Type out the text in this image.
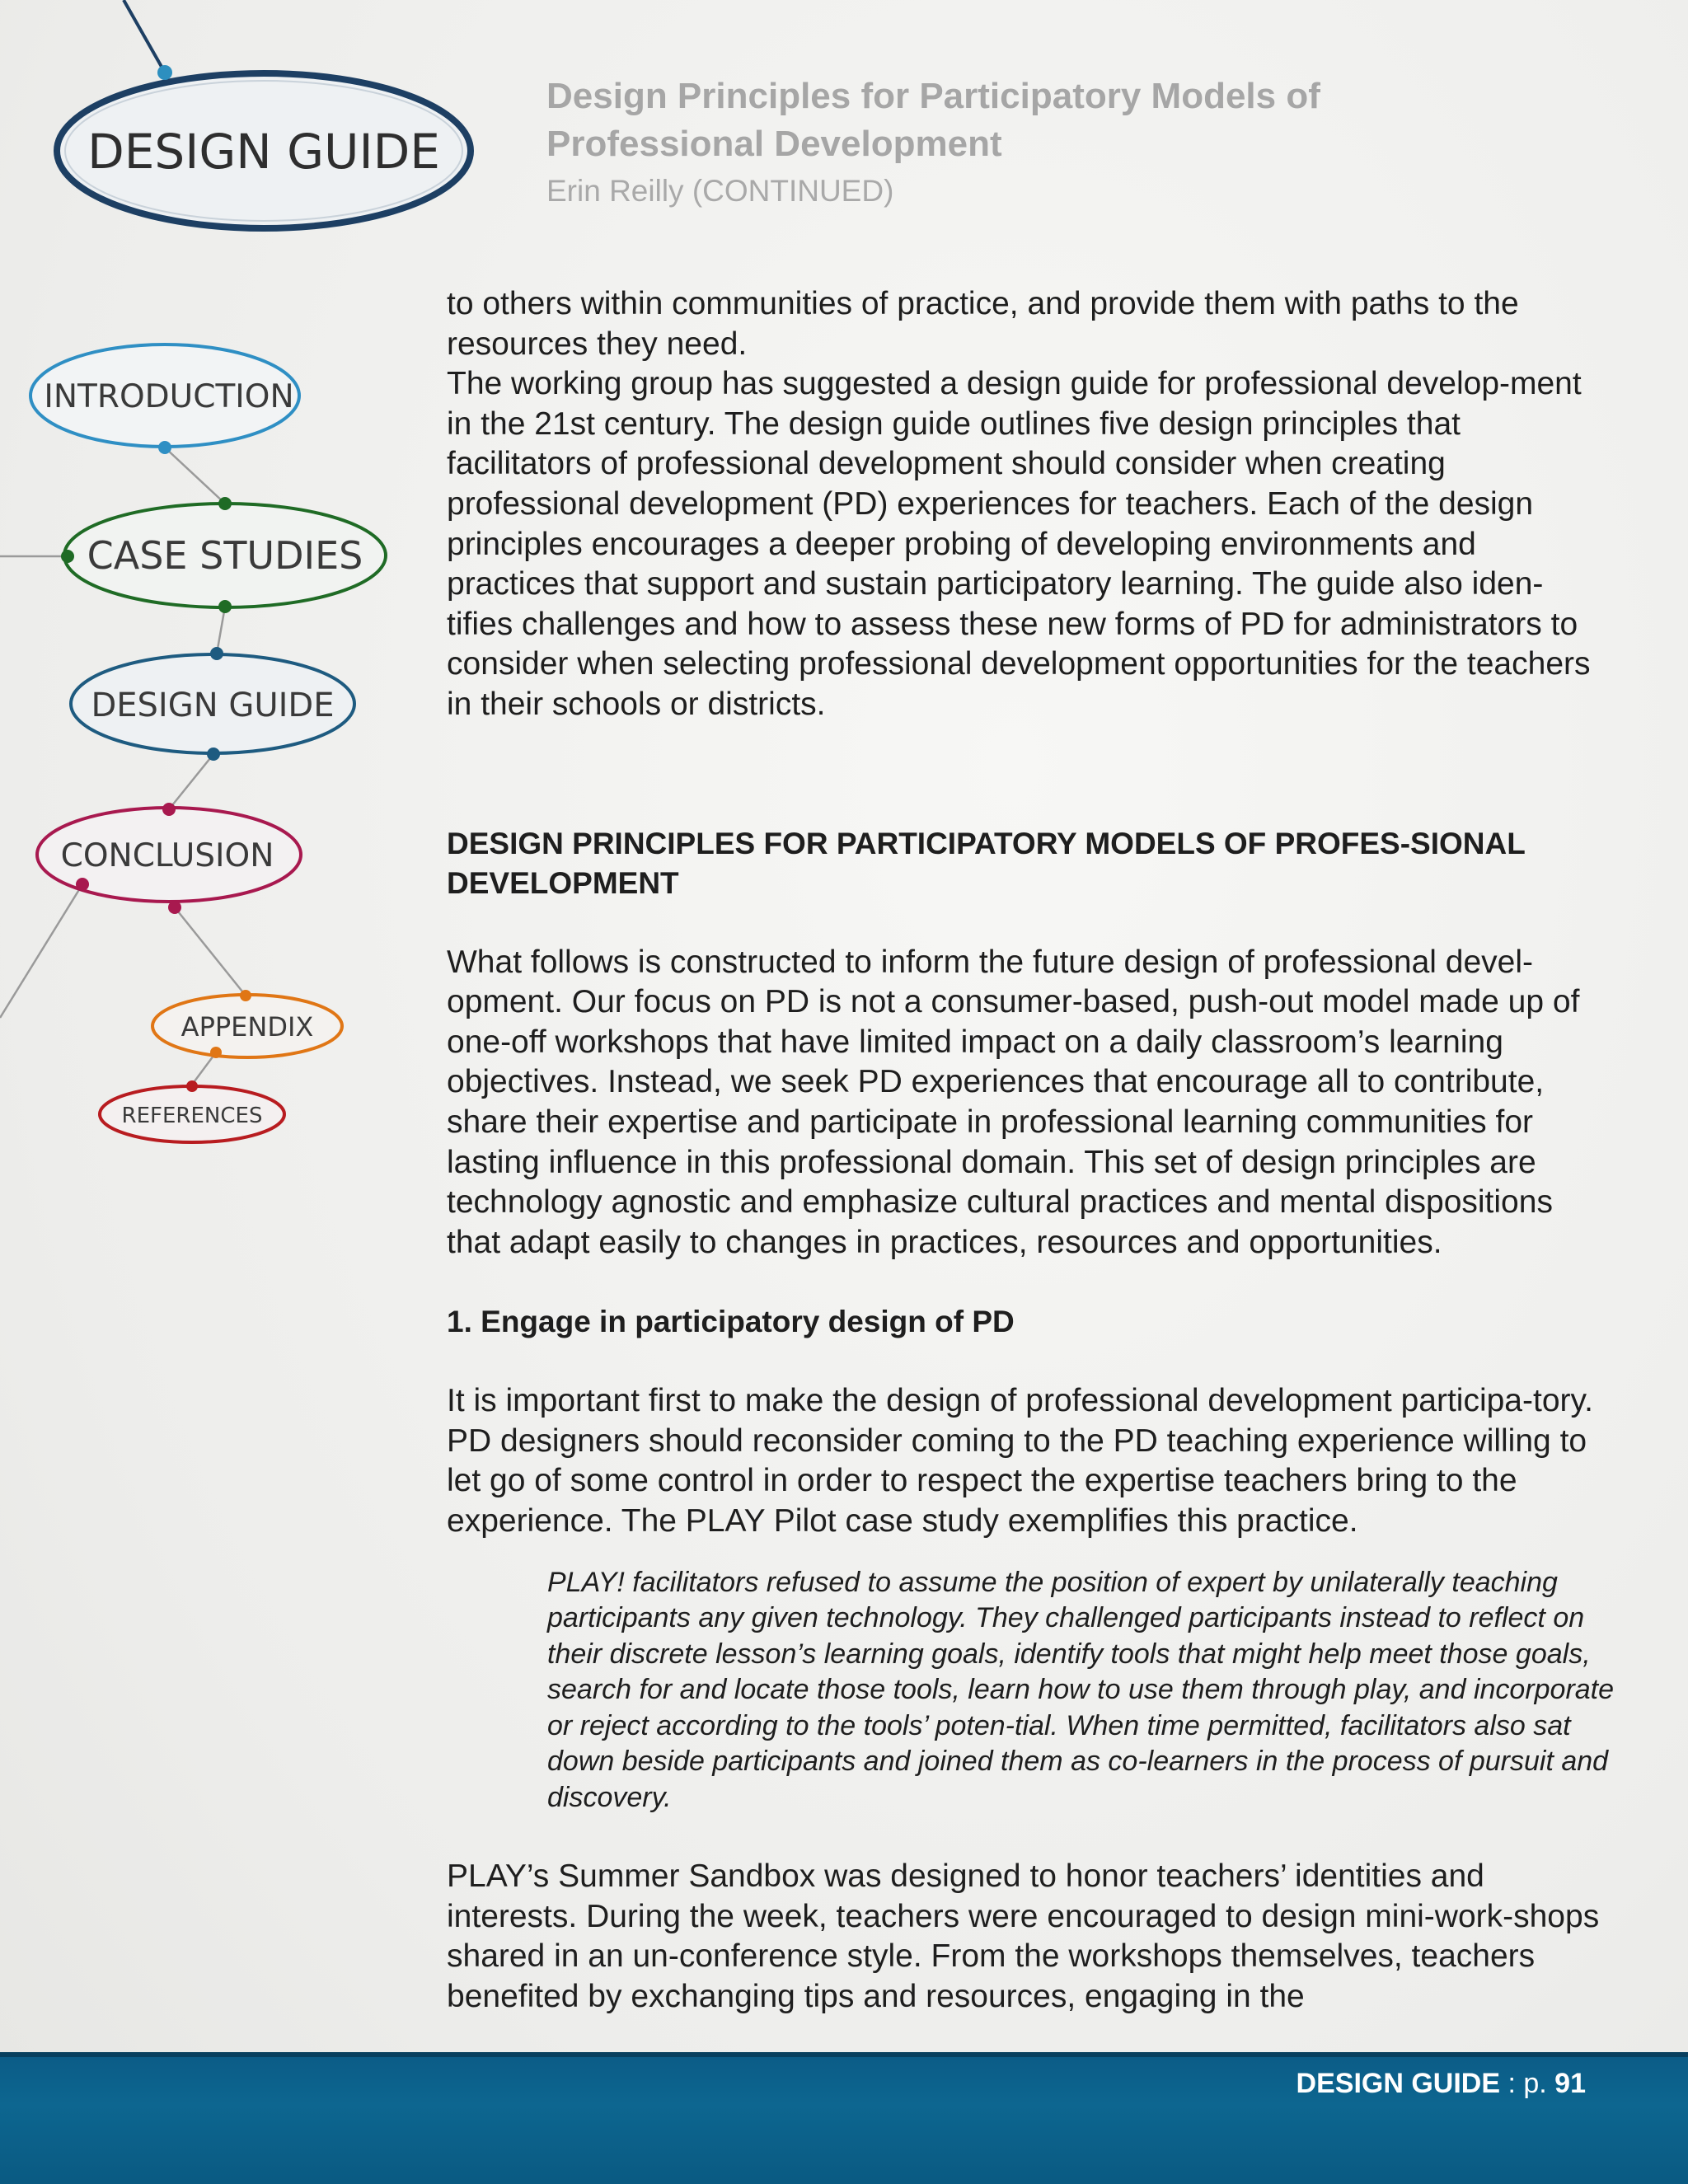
DESIGN GUIDE
INTRODUCTION
CASE STUDIES
DESIGN GUIDE
CONCLUSION
APPENDIX
REFERENCES
Design Principles for Participatory Models of Professional Development
Erin Reilly (CONTINUED)

to others within communities of practice, and provide them with paths to the resources they need.

The working group has suggested a design guide for professional develop-ment in the 21st century. The design guide outlines five design principles that facilitators of professional development should consider when creating professional development (PD) experiences for teachers. Each of the design principles encourages a deeper probing of developing environments and practices that support and sustain participatory learning. The guide also iden-tifies challenges and how to assess these new forms of PD for administrators to consider when selecting professional development opportunities for the teachers in their schools or districts.

DESIGN PRINCIPLES FOR PARTICIPATORY MODELS OF PROFES-SIONAL DEVELOPMENT

What follows is constructed to inform the future design of professional devel-opment. Our focus on PD is not a consumer-based, push-out model made up of one-off workshops that have limited impact on a daily classroom’s learning objectives. Instead, we seek PD experiences that encourage all to contribute, share their expertise and participate in professional learning communities for lasting influence in this professional domain. This set of design principles are technology agnostic and emphasize cultural practices and mental dispositions that adapt easily to changes in practices, resources and opportunities.

1. Engage in participatory design of PD

It is important first to make the design of professional development participa-tory. PD designers should reconsider coming to the PD teaching experience willing to let go of some control in order to respect the expertise teachers bring to the experience. The PLAY Pilot case study exemplifies this practice.

PLAY! facilitators refused to assume the position of expert by unilaterally teaching participants any given technology. They challenged participants instead to reflect on their discrete lesson’s learning goals, identify tools that might help meet those goals, search for and locate those tools, learn how to use them through play, and incorporate or reject according to the tools’ poten-tial. When time permitted, facilitators also sat down beside participants and joined them as co-learners in the process of pursuit and discovery.

PLAY’s Summer Sandbox was designed to honor teachers’ identities and interests. During the week, teachers were encouraged to design mini-work-shops shared in an un-conference style. From the workshops themselves, teachers benefited by exchanging tips and resources, engaging in the

DESIGN GUIDE : p. 91
